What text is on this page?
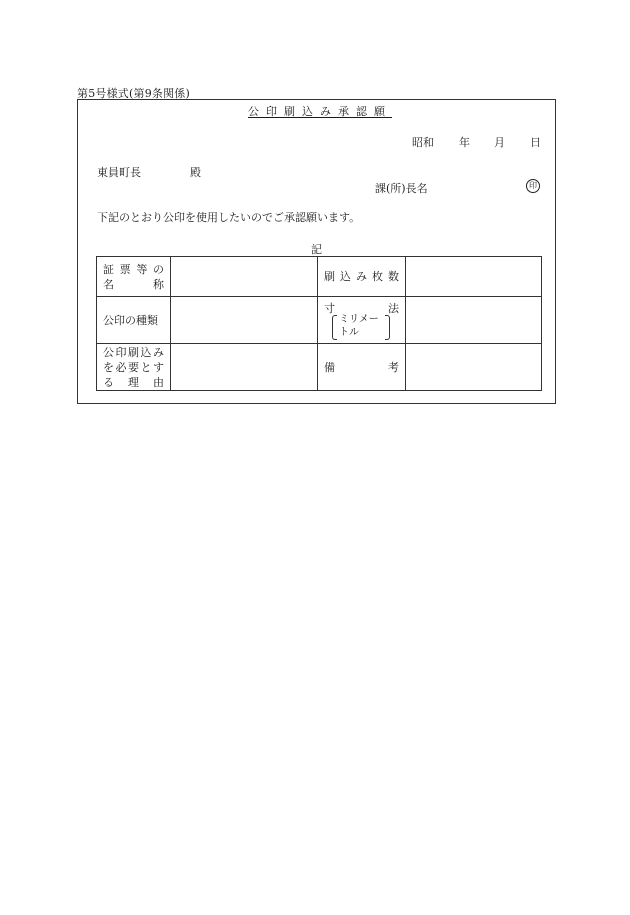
第5号様式(第9条関係)
公印刷込み承認願
昭和 年 月 日
東員町長	殿
課(所)長名	印
下記のとおり公印を使用したいのでご承認願います。
記
証票等の
名称		刷込み枚数	

公印の種類		寸法
ミリメー
トル	

公印刷込み
を必要とす
る理由		備考	
